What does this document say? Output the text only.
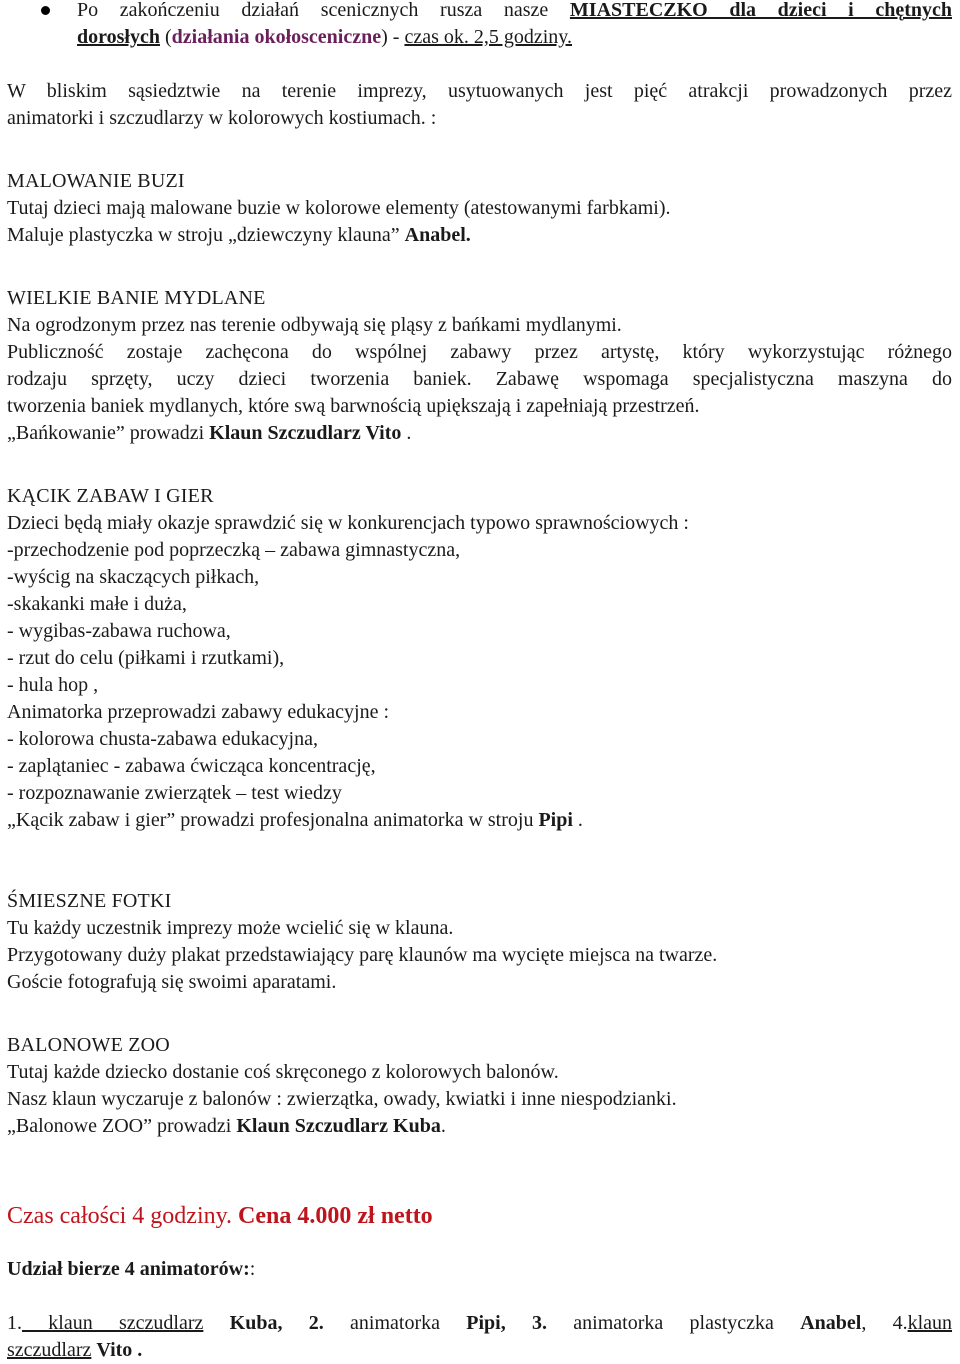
Po zakończeniu działań scenicznych rusza nasze MIASTECZKO dla dzieci i chętnych

dorosłych (działania okołosceniczne) - czas ok. 2,5 godziny.

W bliskim sąsiedztwie na terenie imprezy, usytuowanych jest pięć atrakcji prowadzonych przez

animatorki i szczudlarzy w kolorowych kostiumach. :

MALOWANIE BUZI

Tutaj dzieci mają malowane buzie w kolorowe elementy (atestowanymi farbkami).

Maluje plastyczka w stroju „dziewczyny klauna” Anabel.

WIELKIE BANIE MYDLANE

Na ogrodzonym przez nas terenie odbywają się pląsy z bańkami mydlanymi.

Publiczność zostaje zachęcona do wspólnej zabawy przez artystę, który wykorzystując różnego

rodzaju sprzęty, uczy dzieci tworzenia baniek. Zabawę wspomaga specjalistyczna maszyna do

tworzenia baniek mydlanych, które swą barwnością upiększają i zapełniają przestrzeń.

„Bańkowanie” prowadzi Klaun Szczudlarz Vito .

KĄCIK ZABAW I GIER

Dzieci będą miały okazje sprawdzić się w konkurencjach typowo sprawnościowych :

-przechodzenie pod poprzeczką – zabawa gimnastyczna,

-wyścig na skaczących piłkach,

-skakanki małe i duża,

- wygibas-zabawa ruchowa,

- rzut do celu (piłkami i rzutkami),

- hula hop ,

Animatorka przeprowadzi zabawy edukacyjne :

- kolorowa chusta-zabawa edukacyjna,

- zaplątaniec - zabawa ćwicząca koncentrację,

- rozpoznawanie zwierzątek – test wiedzy

„Kącik zabaw i gier” prowadzi profesjonalna animatorka w stroju Pipi .

ŚMIESZNE FOTKI

Tu każdy uczestnik imprezy może wcielić się w klauna.

Przygotowany duży plakat przedstawiający parę klaunów ma wycięte miejsca na twarze.

Goście fotografują się swoimi aparatami.

BALONOWE ZOO

Tutaj każde dziecko dostanie coś skręconego z kolorowych balonów.

Nasz klaun wyczaruje z balonów : zwierzątka, owady, kwiatki i inne niespodzianki.

„Balonowe ZOO” prowadzi Klaun Szczudlarz Kuba.

Czas całości 4 godziny. Cena 4.000 zł netto

Udział bierze 4 animatorów::

1. klaun szczudlarz Kuba, 2. animatorka Pipi, 3. animatorka plastyczka Anabel, 4.klaun

szczudlarz Vito .
